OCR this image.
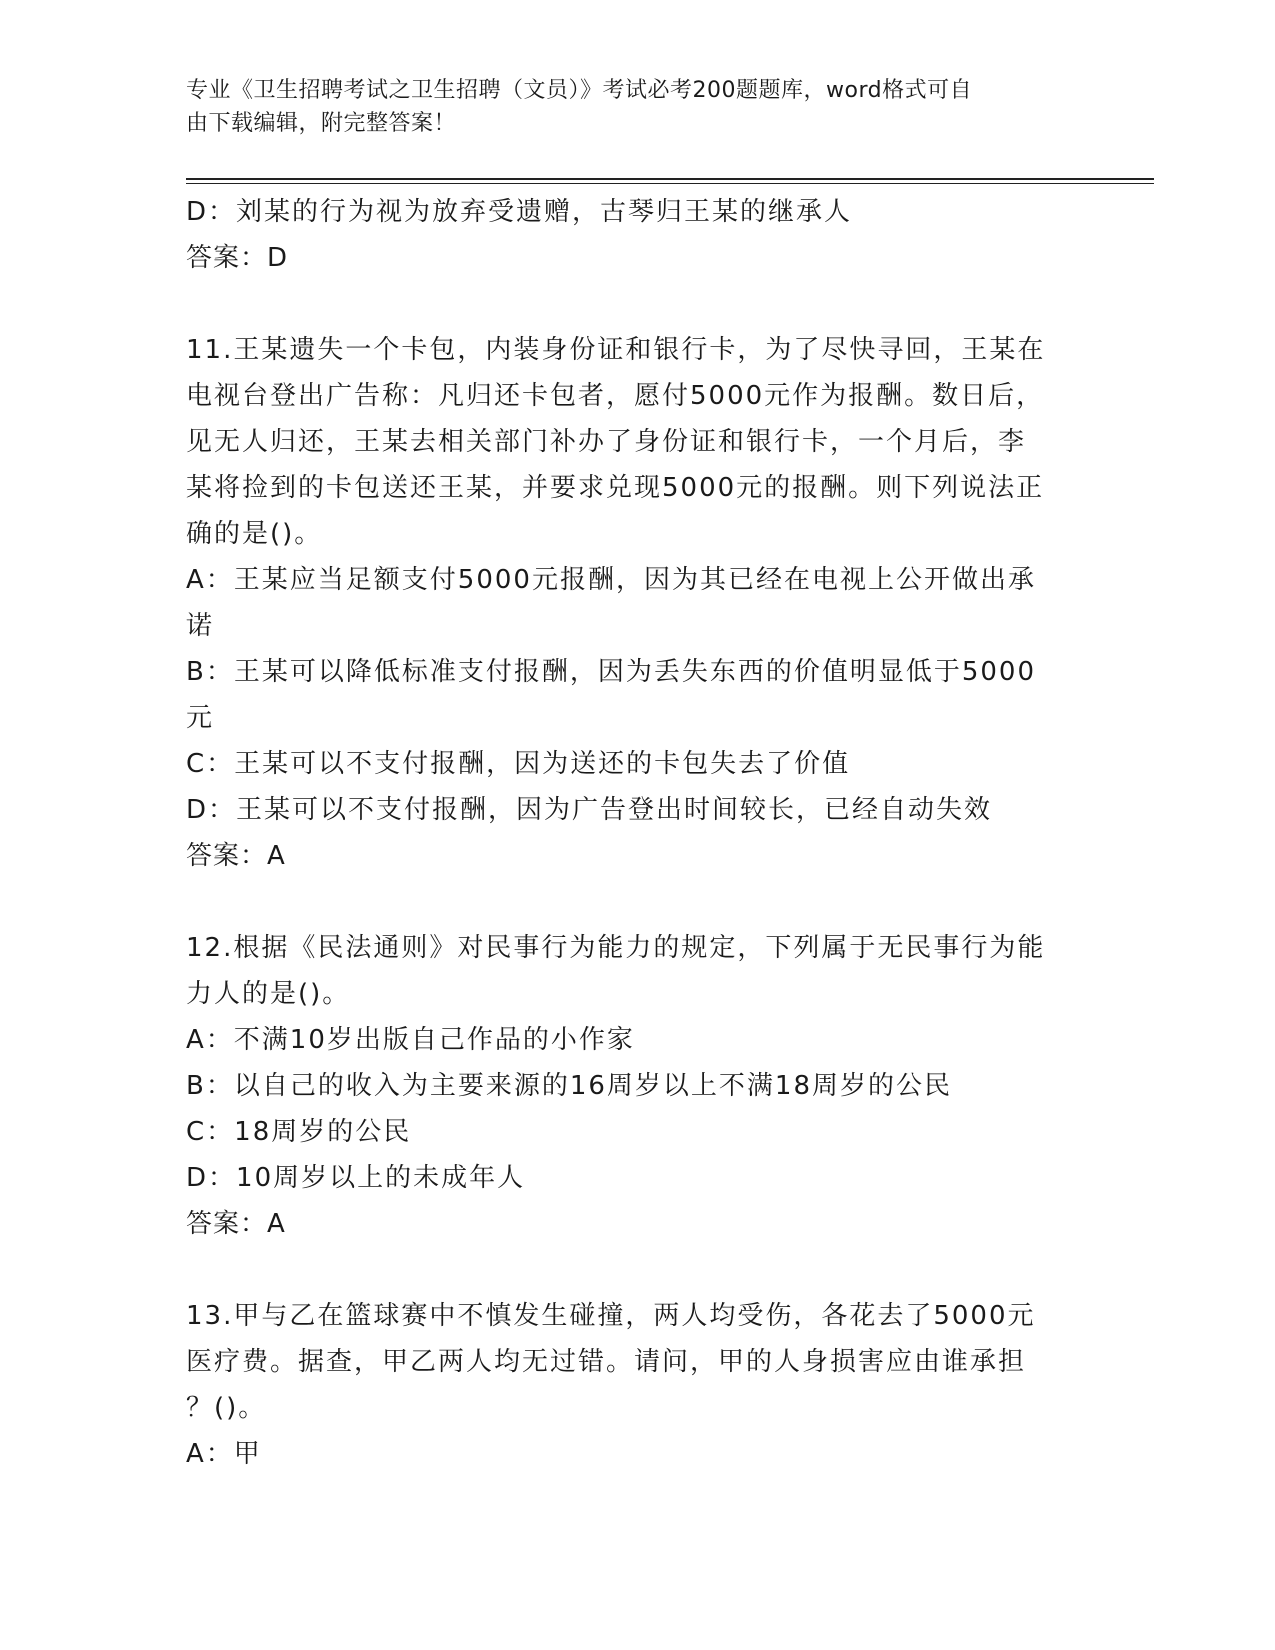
专业《卫生招聘考试之卫生招聘（文员）》考试必考200题题库，word格式可自
由下载编辑，附完整答案！
D：刘某的行为视为放弃受遗赠，古琴归王某的继承人
答案：D
11.王某遗失一个卡包，内装身份证和银行卡，为了尽快寻回，王某在
电视台登出广告称：凡归还卡包者，愿付5000元作为报酬。数日后，
见无人归还，王某去相关部门补办了身份证和银行卡，一个月后，李
某将捡到的卡包送还王某，并要求兑现5000元的报酬。则下列说法正
确的是()。
A：王某应当足额支付5000元报酬，因为其已经在电视上公开做出承
诺
B：王某可以降低标准支付报酬，因为丢失东西的价值明显低于5000
元
C：王某可以不支付报酬，因为送还的卡包失去了价值
D：王某可以不支付报酬，因为广告登出时间较长，已经自动失效
答案：A
12.根据《民法通则》对民事行为能力的规定，下列属于无民事行为能
力人的是()。
A：不满10岁出版自己作品的小作家
B：以自己的收入为主要来源的16周岁以上不满18周岁的公民
C：18周岁的公民
D：10周岁以上的未成年人
答案：A
13.甲与乙在篮球赛中不慎发生碰撞，两人均受伤，各花去了5000元
医疗费。据查，甲乙两人均无过错。请问，甲的人身损害应由谁承担
？()。
A：甲
